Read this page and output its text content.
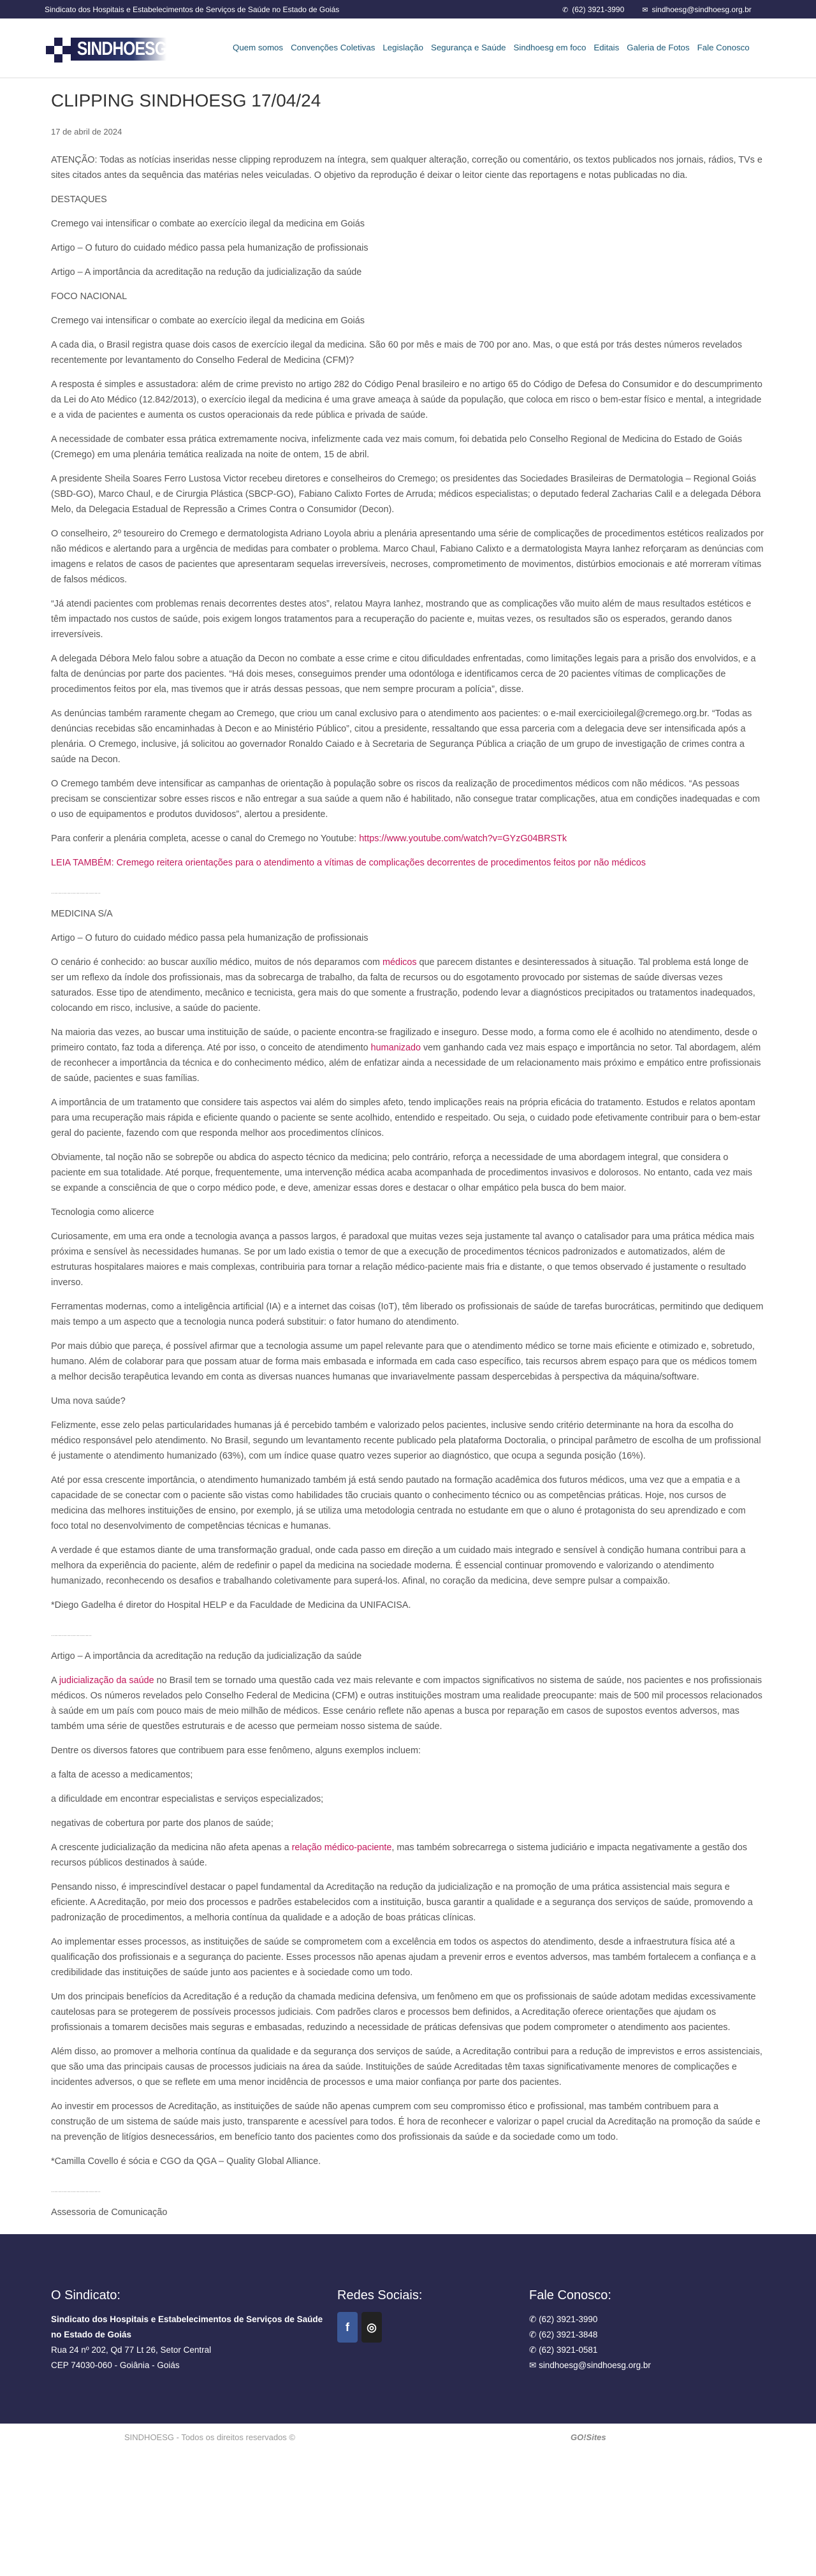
Sindicato dos Hospitais e Estabelecimentos de Serviços de Saúde no Estado de Goiás	✆ (62) 3921-3990	✉ sindhoesg@sindhoesg.org.br
SINDHOESG	Quem somos Convenções Coletivas Legislação Segurança e Saúde Sindhoesg em foco Editais Galeria de Fotos Fale Conosco
CLIPPING SINDHOESG 17/04/24
17 de abril de 2024

ATENÇÃO: Todas as notícias inseridas nesse clipping reproduzem na íntegra, sem qualquer alteração, correção ou comentário, os textos publicados nos jornais, rádios, TVs e sites citados antes da sequência das matérias neles veiculadas. O objetivo da reprodução é deixar o leitor ciente das reportagens e notas publicadas no dia.

DESTAQUES

Cremego vai intensificar o combate ao exercício ilegal da medicina em Goiás

Artigo – O futuro do cuidado médico passa pela humanização de profissionais

Artigo – A importância da acreditação na redução da judicialização da saúde

FOCO NACIONAL

Cremego vai intensificar o combate ao exercício ilegal da medicina em Goiás

A cada dia, o Brasil registra quase dois casos de exercício ilegal da medicina. São 60 por mês e mais de 700 por ano. Mas, o que está por trás destes números revelados recentemente por levantamento do Conselho Federal de Medicina (CFM)?

A resposta é simples e assustadora: além de crime previsto no artigo 282 do Código Penal brasileiro e no artigo 65 do Código de Defesa do Consumidor e do descumprimento da Lei do Ato Médico (12.842/2013), o exercício ilegal da medicina é uma grave ameaça à saúde da população, que coloca em risco o bem-estar físico e mental, a integridade e a vida de pacientes e aumenta os custos operacionais da rede pública e privada de saúde.

A necessidade de combater essa prática extremamente nociva, infelizmente cada vez mais comum, foi debatida pelo Conselho Regional de Medicina do Estado de Goiás (Cremego) em uma plenária temática realizada na noite de ontem, 15 de abril.

A presidente Sheila Soares Ferro Lustosa Victor recebeu diretores e conselheiros do Cremego; os presidentes das Sociedades Brasileiras de Dermatologia – Regional Goiás (SBD-GO), Marco Chaul, e de Cirurgia Plástica (SBCP-GO), Fabiano Calixto Fortes de Arruda; médicos especialistas; o deputado federal Zacharias Calil e a delegada Débora Melo, da Delegacia Estadual de Repressão a Crimes Contra o Consumidor (Decon).

O conselheiro, 2º tesoureiro do Cremego e dermatologista Adriano Loyola abriu a plenária apresentando uma série de complicações de procedimentos estéticos realizados por não médicos e alertando para a urgência de medidas para combater o problema. Marco Chaul, Fabiano Calixto e a dermatologista Mayra Ianhez reforçaram as denúncias com imagens e relatos de casos de pacientes que apresentaram sequelas irreversíveis, necroses, comprometimento de movimentos, distúrbios emocionais e até morreram vítimas de falsos médicos.

“Já atendi pacientes com problemas renais decorrentes destes atos”, relatou Mayra Ianhez, mostrando que as complicações vão muito além de maus resultados estéticos e têm impactado nos custos de saúde, pois exigem longos tratamentos para a recuperação do paciente e, muitas vezes, os resultados são os esperados, gerando danos irreversíveis.

A delegada Débora Melo falou sobre a atuação da Decon no combate a esse crime e citou dificuldades enfrentadas, como limitações legais para a prisão dos envolvidos, e a falta de denúncias por parte dos pacientes. “Há dois meses, conseguimos prender uma odontóloga e identificamos cerca de 20 pacientes vítimas de complicações de procedimentos feitos por ela, mas tivemos que ir atrás dessas pessoas, que nem sempre procuram a polícia”, disse.

As denúncias também raramente chegam ao Cremego, que criou um canal exclusivo para o atendimento aos pacientes: o e-mail exercicioilegal@cremego.org.br. “Todas as denúncias recebidas são encaminhadas à Decon e ao Ministério Público”, citou a presidente, ressaltando que essa parceria com a delegacia deve ser intensificada após a plenária. O Cremego, inclusive, já solicitou ao governador Ronaldo Caiado e à Secretaria de Segurança Pública a criação de um grupo de investigação de crimes contra a saúde na Decon.

O Cremego também deve intensificar as campanhas de orientação à população sobre os riscos da realização de procedimentos médicos com não médicos. “As pessoas precisam se conscientizar sobre esses riscos e não entregar a sua saúde a quem não é habilitado, não consegue tratar complicações, atua em condições inadequadas e com o uso de equipamentos e produtos duvidosos”, alertou a presidente.

Para conferir a plenária completa, acesse o canal do Cremego no Youtube: https://www.youtube.com/watch?v=GYzG04BRSTk

LEIA TAMBÉM: Cremego reitera orientações para o atendimento a vítimas de complicações decorrentes de procedimentos feitos por não médicos

……………………………

MEDICINA S/A

Artigo – O futuro do cuidado médico passa pela humanização de profissionais

O cenário é conhecido: ao buscar auxílio médico, muitos de nós deparamos com médicos que parecem distantes e desinteressados à situação. Tal problema está longe de ser um reflexo da índole dos profissionais, mas da sobrecarga de trabalho, da falta de recursos ou do esgotamento provocado por sistemas de saúde diversas vezes saturados. Esse tipo de atendimento, mecânico e tecnicista, gera mais do que somente a frustração, podendo levar a diagnósticos precipitados ou tratamentos inadequados, colocando em risco, inclusive, a saúde do paciente.

Na maioria das vezes, ao buscar uma instituição de saúde, o paciente encontra-se fragilizado e inseguro. Desse modo, a forma como ele é acolhido no atendimento, desde o primeiro contato, faz toda a diferença. Até por isso, o conceito de atendimento humanizado vem ganhando cada vez mais espaço e importância no setor. Tal abordagem, além de reconhecer a importância da técnica e do conhecimento médico, além de enfatizar ainda a necessidade de um relacionamento mais próximo e empático entre profissionais de saúde, pacientes e suas famílias.

A importância de um tratamento que considere tais aspectos vai além do simples afeto, tendo implicações reais na própria eficácia do tratamento. Estudos e relatos apontam para uma recuperação mais rápida e eficiente quando o paciente se sente acolhido, entendido e respeitado. Ou seja, o cuidado pode efetivamente contribuir para o bem-estar geral do paciente, fazendo com que responda melhor aos procedimentos clínicos.

Obviamente, tal noção não se sobrepõe ou abdica do aspecto técnico da medicina; pelo contrário, reforça a necessidade de uma abordagem integral, que considera o paciente em sua totalidade. Até porque, frequentemente, uma intervenção médica acaba acompanhada de procedimentos invasivos e dolorosos. No entanto, cada vez mais se expande a consciência de que o corpo médico pode, e deve, amenizar essas dores e destacar o olhar empático pela busca do bem maior.

Tecnologia como alicerce

Curiosamente, em uma era onde a tecnologia avança a passos largos, é paradoxal que muitas vezes seja justamente tal avanço o catalisador para uma prática médica mais próxima e sensível às necessidades humanas. Se por um lado existia o temor de que a execução de procedimentos técnicos padronizados e automatizados, além de estruturas hospitalares maiores e mais complexas, contribuiria para tornar a relação médico-paciente mais fria e distante, o que temos observado é justamente o resultado inverso.

Ferramentas modernas, como a inteligência artificial (IA) e a internet das coisas (IoT), têm liberado os profissionais de saúde de tarefas burocráticas, permitindo que dediquem mais tempo a um aspecto que a tecnologia nunca poderá substituir: o fator humano do atendimento.

Por mais dúbio que pareça, é possível afirmar que a tecnologia assume um papel relevante para que o atendimento médico se torne mais eficiente e otimizado e, sobretudo, humano. Além de colaborar para que possam atuar de forma mais embasada e informada em cada caso específico, tais recursos abrem espaço para que os médicos tomem a melhor decisão terapêutica levando em conta as diversas nuances humanas que invariavelmente passam despercebidas à perspectiva da máquina/software.

Uma nova saúde?

Felizmente, esse zelo pelas particularidades humanas já é percebido também e valorizado pelos pacientes, inclusive sendo critério determinante na hora da escolha do médico responsável pelo atendimento. No Brasil, segundo um levantamento recente publicado pela plataforma Doctoralia, o principal parâmetro de escolha de um profissional é justamente o atendimento humanizado (63%), com um índice quase quatro vezes superior ao diagnóstico, que ocupa a segunda posição (16%).

Até por essa crescente importância, o atendimento humanizado também já está sendo pautado na formação acadêmica dos futuros médicos, uma vez que a empatia e a capacidade de se conectar com o paciente são vistas como habilidades tão cruciais quanto o conhecimento técnico ou as competências práticas. Hoje, nos cursos de medicina das melhores instituições de ensino, por exemplo, já se utiliza uma metodologia centrada no estudante em que o aluno é protagonista do seu aprendizado e com foco total no desenvolvimento de competências técnicas e humanas.

A verdade é que estamos diante de uma transformação gradual, onde cada passo em direção a um cuidado mais integrado e sensível à condição humana contribui para a melhora da experiência do paciente, além de redefinir o papel da medicina na sociedade moderna. É essencial continuar promovendo e valorizando o atendimento humanizado, reconhecendo os desafios e trabalhando coletivamente para superá-los. Afinal, no coração da medicina, deve sempre pulsar a compaixão.

*Diego Gadelha é diretor do Hospital HELP e da Faculdade de Medicina da UNIFACISA.

………………………

Artigo – A importância da acreditação na redução da judicialização da saúde

A judicialização da saúde no Brasil tem se tornado uma questão cada vez mais relevante e com impactos significativos no sistema de saúde, nos pacientes e nos profissionais médicos. Os números revelados pelo Conselho Federal de Medicina (CFM) e outras instituições mostram uma realidade preocupante: mais de 500 mil processos relacionados à saúde em um país com pouco mais de meio milhão de médicos. Esse cenário reflete não apenas a busca por reparação em casos de supostos eventos adversos, mas também uma série de questões estruturais e de acesso que permeiam nosso sistema de saúde.

Dentre os diversos fatores que contribuem para esse fenômeno, alguns exemplos incluem:

a falta de acesso a medicamentos;

a dificuldade em encontrar especialistas e serviços especializados;

negativas de cobertura por parte dos planos de saúde;

A crescente judicialização da medicina não afeta apenas a relação médico-paciente, mas também sobrecarrega o sistema judiciário e impacta negativamente a gestão dos recursos públicos destinados à saúde.

Pensando nisso, é imprescindível destacar o papel fundamental da Acreditação na redução da judicialização e na promoção de uma prática assistencial mais segura e eficiente. A Acreditação, por meio dos processos e padrões estabelecidos com a instituição, busca garantir a qualidade e a segurança dos serviços de saúde, promovendo a padronização de procedimentos, a melhoria contínua da qualidade e a adoção de boas práticas clínicas.

Ao implementar esses processos, as instituições de saúde se comprometem com a excelência em todos os aspectos do atendimento, desde a infraestrutura física até a qualificação dos profissionais e a segurança do paciente. Esses processos não apenas ajudam a prevenir erros e eventos adversos, mas também fortalecem a confiança e a credibilidade das instituições de saúde junto aos pacientes e à sociedade como um todo.

Um dos principais benefícios da Acreditação é a redução da chamada medicina defensiva, um fenômeno em que os profissionais de saúde adotam medidas excessivamente cautelosas para se protegerem de possíveis processos judiciais. Com padrões claros e processos bem definidos, a Acreditação oferece orientações que ajudam os profissionais a tomarem decisões mais seguras e embasadas, reduzindo a necessidade de práticas defensivas que podem comprometer o atendimento aos pacientes.

Além disso, ao promover a melhoria contínua da qualidade e da segurança dos serviços de saúde, a Acreditação contribui para a redução de imprevistos e erros assistenciais, que são uma das principais causas de processos judiciais na área da saúde. Instituições de saúde Acreditadas têm taxas significativamente menores de complicações e incidentes adversos, o que se reflete em uma menor incidência de processos e uma maior confiança por parte dos pacientes.

Ao investir em processos de Acreditação, as instituições de saúde não apenas cumprem com seu compromisso ético e profissional, mas também contribuem para a construção de um sistema de saúde mais justo, transparente e acessível para todos. É hora de reconhecer e valorizar o papel crucial da Acreditação na promoção da saúde e na prevenção de litígios desnecessários, em benefício tanto dos pacientes como dos profissionais da saúde e da sociedade como um todo.

*Camilla Covello é sócia e CGO da QGA – Quality Global Alliance.

……………………………

Assessoria de Comunicação

O Sindicato:
Sindicato dos Hospitais e Estabelecimentos de Serviços de Saúde no Estado de Goiás
Rua 24 nº 202, Qd 77 Lt 26, Setor Central
CEP 74030-060 - Goiânia - Goiás
Redes Sociais:
f	◎
Fale Conosco:
✆ (62) 3921-3990
✆ (62) 3921-3848
✆ (62) 3921-0581
✉ sindhoesg@sindhoesg.org.br
SINDHOESG - Todos os direitos reservados ©	GO!Sites
